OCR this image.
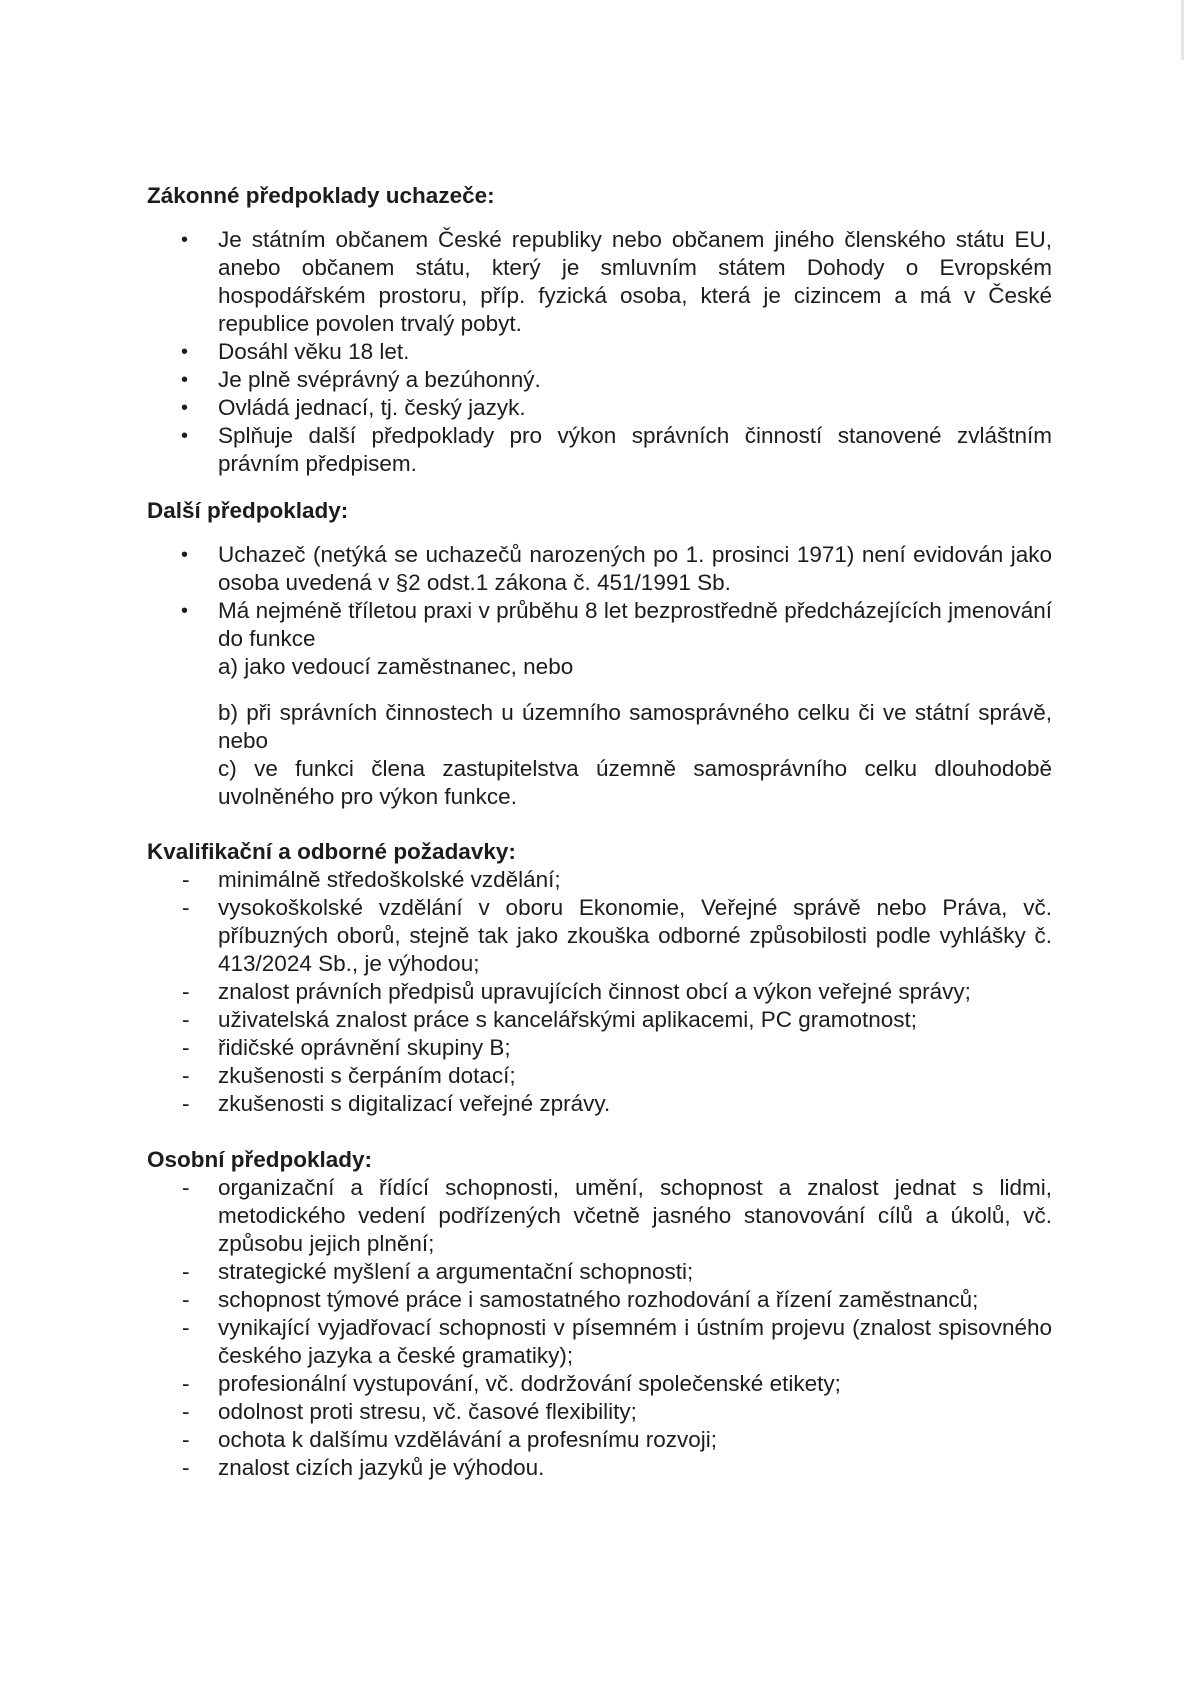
Zákonné předpoklady uchazeče:
• Je státním občanem České republiky nebo občanem jiného členského státu EU, anebo občanem státu, který je smluvním státem Dohody o Evropském hospodářském prostoru, příp. fyzická osoba, která je cizincem a má v České republice povolen trvalý pobyt.
• Dosáhl věku 18 let.
• Je plně svéprávný a bezúhonný.
• Ovládá jednací, tj. český jazyk.
• Splňuje další předpoklady pro výkon správních činností stanovené zvláštním právním předpisem.
Další předpoklady:
• Uchazeč (netýká se uchazečů narozených po 1. prosinci 1971) není evidován jako osoba uvedená v §2 odst.1 zákona č. 451/1991 Sb.
• Má nejméně tříletou praxi v průběhu 8 let bezprostředně předcházejících jmenování do funkce
a) jako vedoucí zaměstnanec, nebo
b) při správních činnostech u územního samosprávného celku či ve státní správě, nebo
c) ve funkci člena zastupitelstva územně samosprávního celku dlouhodobě uvolněného pro výkon funkce.
Kvalifikační a odborné požadavky:
- minimálně středoškolské vzdělání;
- vysokoškolské vzdělání v oboru Ekonomie, Veřejné správě nebo Práva, vč. příbuzných oborů, stejně tak jako zkouška odborné způsobilosti podle vyhlášky č. 413/2024 Sb., je výhodou;
- znalost právních předpisů upravujících činnost obcí a výkon veřejné správy;
- uživatelská znalost práce s kancelářskými aplikacemi, PC gramotnost;
- řidičské oprávnění skupiny B;
- zkušenosti s čerpáním dotací;
- zkušenosti s digitalizací veřejné zprávy.
Osobní předpoklady:
- organizační a řídící schopnosti, umění, schopnost a znalost jednat s lidmi, metodického vedení podřízených včetně jasného stanovování cílů a úkolů, vč. způsobu jejich plnění;
- strategické myšlení a argumentační schopnosti;
- schopnost týmové práce i samostatného rozhodování a řízení zaměstnanců;
- vynikající vyjadřovací schopnosti v písemném i ústním projevu (znalost spisovného českého jazyka a české gramatiky);
- profesionální vystupování, vč. dodržování společenské etikety;
- odolnost proti stresu, vč. časové flexibility;
- ochota k dalšímu vzdělávání a profesnímu rozvoji;
- znalost cizích jazyků je výhodou.
